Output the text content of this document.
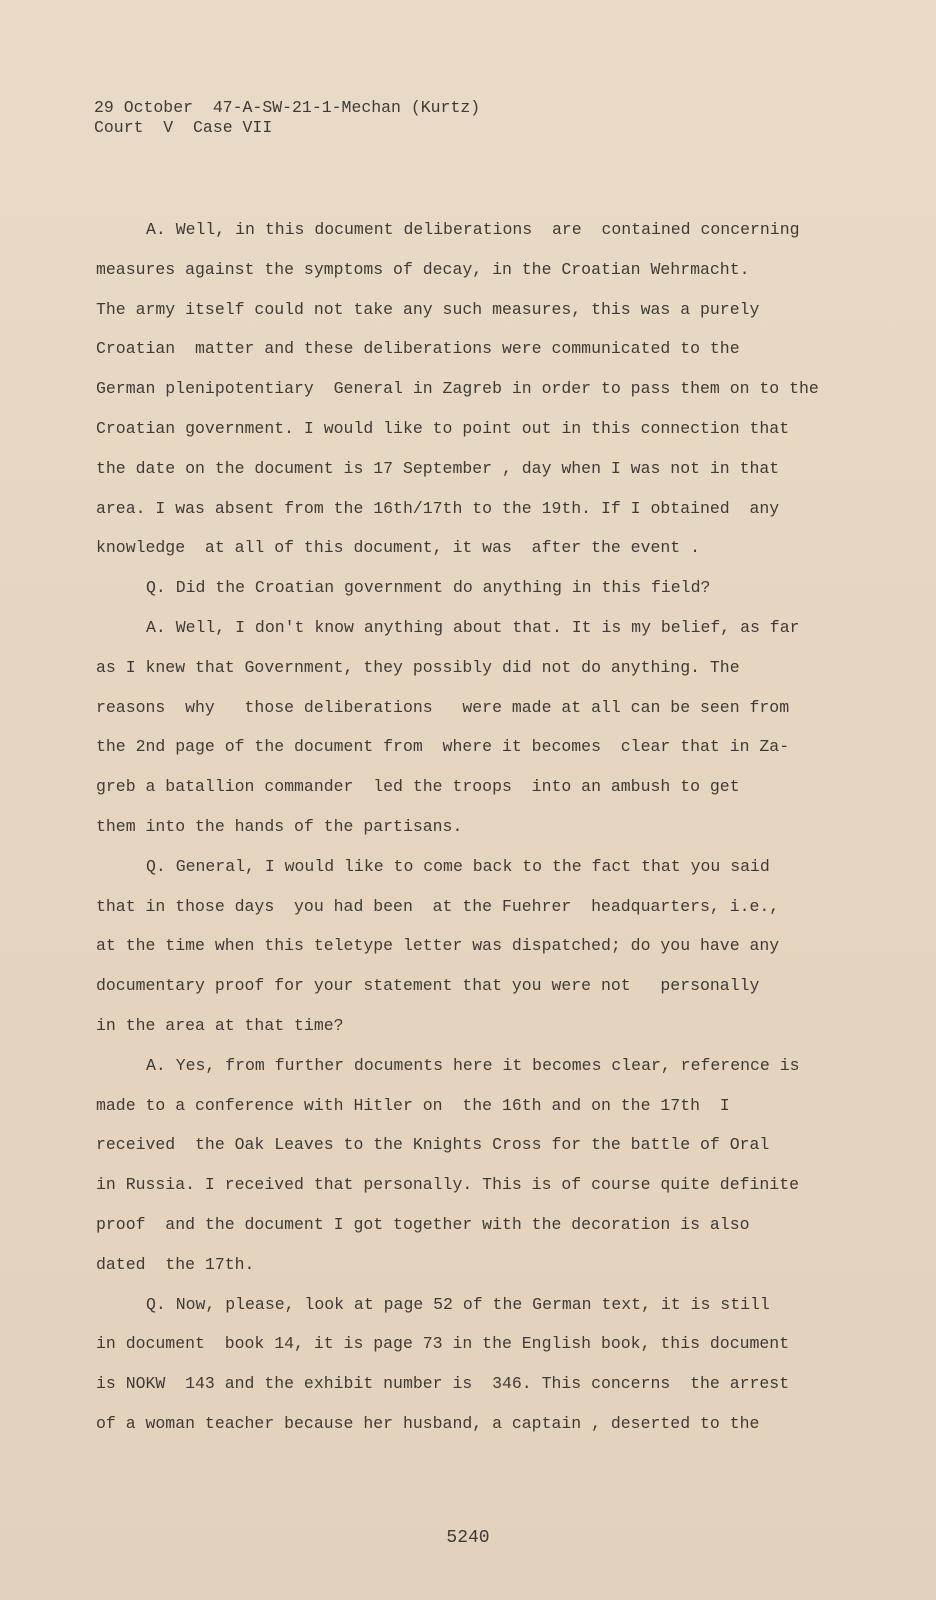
29 October  47-A-SW-21-1-Mechan (Kurtz)
Court  V  Case VII
A. Well, in this document deliberations  are  contained concerning
measures against the symptoms of decay, in the Croatian Wehrmacht.
The army itself could not take any such measures, this was a purely
Croatian  matter and these deliberations were communicated to the
German plenipotentiary  General in Zagreb in order to pass them on to the
Croatian government. I would like to point out in this connection that
the date on the document is 17 September , day when I was not in that
area. I was absent from the 16th/17th to the 19th. If I obtained  any
knowledge  at all of this document, it was  after the event .
Q. Did the Croatian government do anything in this field?
A. Well, I don't know anything about that. It is my belief, as far
as I knew that Government, they possibly did not do anything. The
reasons  why   those deliberations   were made at all can be seen from
the 2nd page of the document from  where it becomes  clear that in Za-
greb a batallion commander  led the troops  into an ambush to get
them into the hands of the partisans.
Q. General, I would like to come back to the fact that you said
that in those days  you had been  at the Fuehrer  headquarters, i.e.,
at the time when this teletype letter was dispatched; do you have any
documentary proof for your statement that you were not   personally
in the area at that time?
A. Yes, from further documents here it becomes clear, reference is
made to a conference with Hitler on  the 16th and on the 17th  I
received  the Oak Leaves to the Knights Cross for the battle of Oral
in Russia. I received that personally. This is of course quite definite
proof  and the document I got together with the decoration is also
dated  the 17th.
Q. Now, please, look at page 52 of the German text, it is still
in document  book 14, it is page 73 in the English book, this document
is NOKW  143 and the exhibit number is  346. This concerns  the arrest
of a woman teacher because her husband, a captain , deserted to the
5240
